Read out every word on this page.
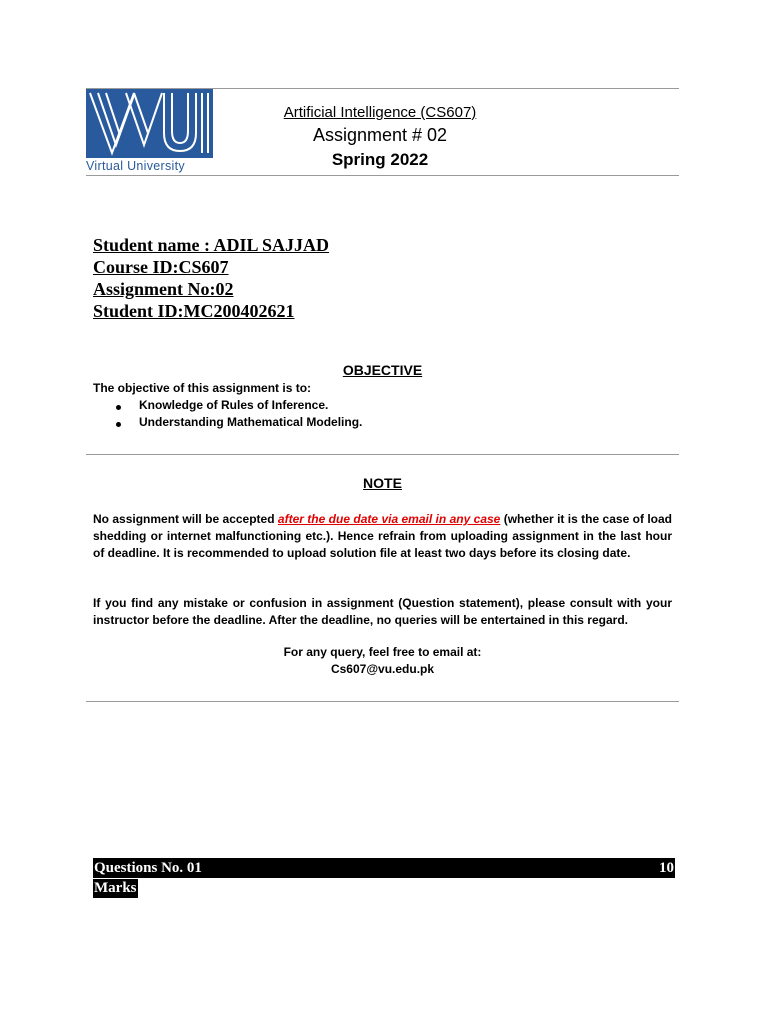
Virtual University
Artificial Intelligence (CS607)
Assignment # 02
Spring 2022
Student name : ADIL SAJJAD
Course ID:CS607
Assignment No:02
Student ID:MC200402621
OBJECTIVE
The objective of this assignment is to:
Knowledge of Rules of Inference.
Understanding Mathematical Modeling.
NOTE
No assignment will be accepted after the due date via email in any case (whether it is the case of load shedding or internet malfunctioning etc.). Hence refrain from uploading assignment in the last hour of deadline. It is recommended to upload solution file at least two days before its closing date.
If you find any mistake or confusion in assignment (Question statement), please consult with your instructor before the deadline. After the deadline, no queries will be entertained in this regard.
For any query, feel free to email at:
Cs607@vu.edu.pk
Questions No. 01	10
Marks
